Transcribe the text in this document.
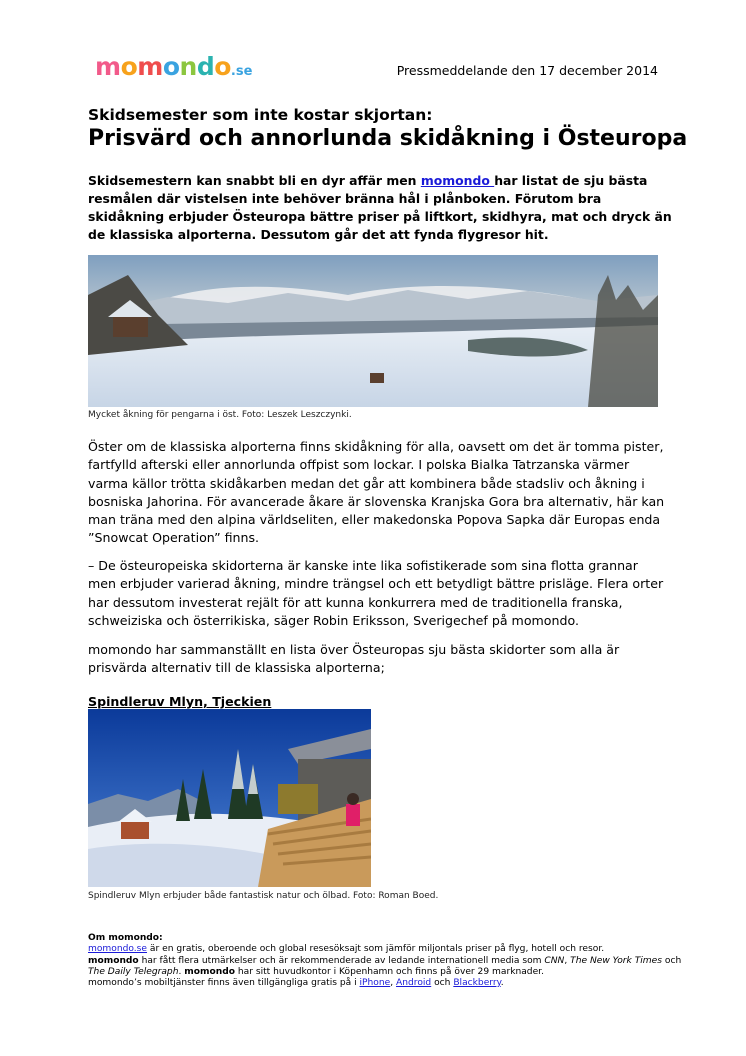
momondo.se	Pressmeddelande den 17 december 2014
Skidsemester som inte kostar skjortan:
Prisvärd och annorlunda skidåkning i Östeuropa
Skidsemestern kan snabbt bli en dyr affär men momondo har listat de sju bästa resmålen där vistelsen inte behöver bränna hål i plånboken. Förutom bra skidåkning erbjuder Östeuropa bättre priser på liftkort, skidhyra, mat och dryck än de klassiska alporterna. Dessutom går det att fynda flygresor hit.
Mycket åkning för pengarna i öst. Foto: Leszek Leszczynki.
Öster om de klassiska alporterna finns skidåkning för alla, oavsett om det är tomma pister, fartfylld afterski eller annorlunda offpist som lockar. I polska Bialka Tatrzanska värmer varma källor trötta skidåkarben medan det går att kombinera både stadsliv och åkning i bosniska Jahorina. För avancerade åkare är slovenska Kranjska Gora bra alternativ, här kan man träna med den alpina världseliten, eller makedonska Popova Sapka där Europas enda ”Snowcat Operation” finns.
– De östeuropeiska skidorterna är kanske inte lika sofistikerade som sina flotta grannar men erbjuder varierad åkning, mindre trängsel och ett betydligt bättre prisläge. Flera orter har dessutom investerat rejält för att kunna konkurrera med de traditionella franska, schweiziska och österrikiska, säger Robin Eriksson, Sverigechef på momondo.
momondo har sammanställt en lista över Östeuropas sju bästa skidorter som alla är prisvärda alternativ till de klassiska alporterna;
Spindleruv Mlyn, Tjeckien
Spindleruv Mlyn erbjuder både fantastisk natur och ölbad. Foto: Roman Boed.
Om momondo:
momondo.se är en gratis, oberoende och global resesöksajt som jämför miljontals priser på flyg, hotell och resor.
momondo har fått flera utmärkelser och är rekommenderade av ledande internationell media som CNN, The New York Times och The Daily Telegraph. momondo har sitt huvudkontor i Köpenhamn och finns på över 29 marknader.
momondo’s mobiltjänster finns även tillgängliga gratis på i iPhone, Android och Blackberry.
